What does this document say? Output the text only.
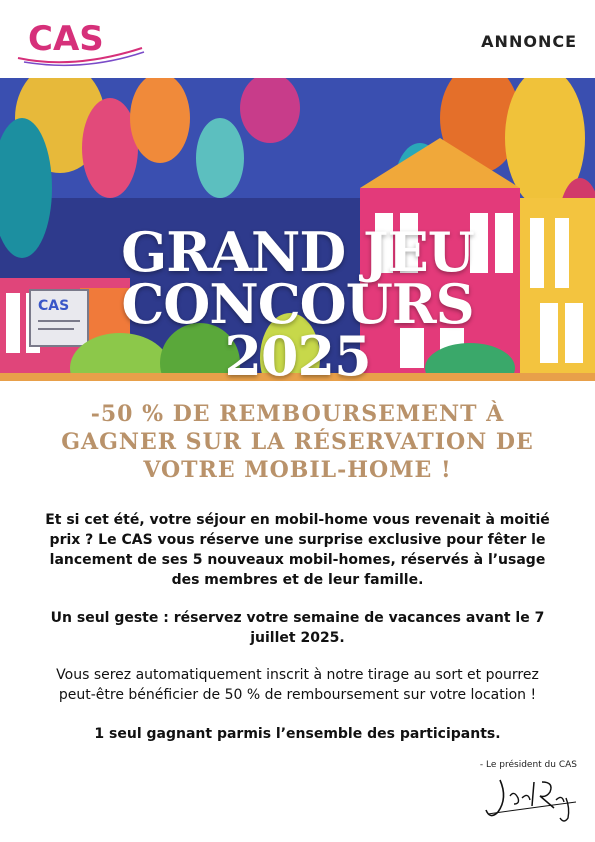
CAS	ANNONCE
CAS
GRAND JEU
CONCOURS
2025
-50 % DE REMBOURSEMENT À
GAGNER SUR LA RÉSERVATION DE
VOTRE MOBIL-HOME !
Et si cet été, votre séjour en mobil-home vous revenait à moitié prix ? Le CAS vous réserve une surprise exclusive pour fêter le lancement de ses 5 nouveaux mobil-homes, réservés à l’usage des membres et de leur famille.
Un seul geste : réservez votre semaine de vacances avant le 7 juillet 2025.
Vous serez automatiquement inscrit à notre tirage au sort et pourrez peut-être bénéficier de 50 % de remboursement sur votre location !
1 seul gagnant parmis l’ensemble des participants.
- Le président du CAS
